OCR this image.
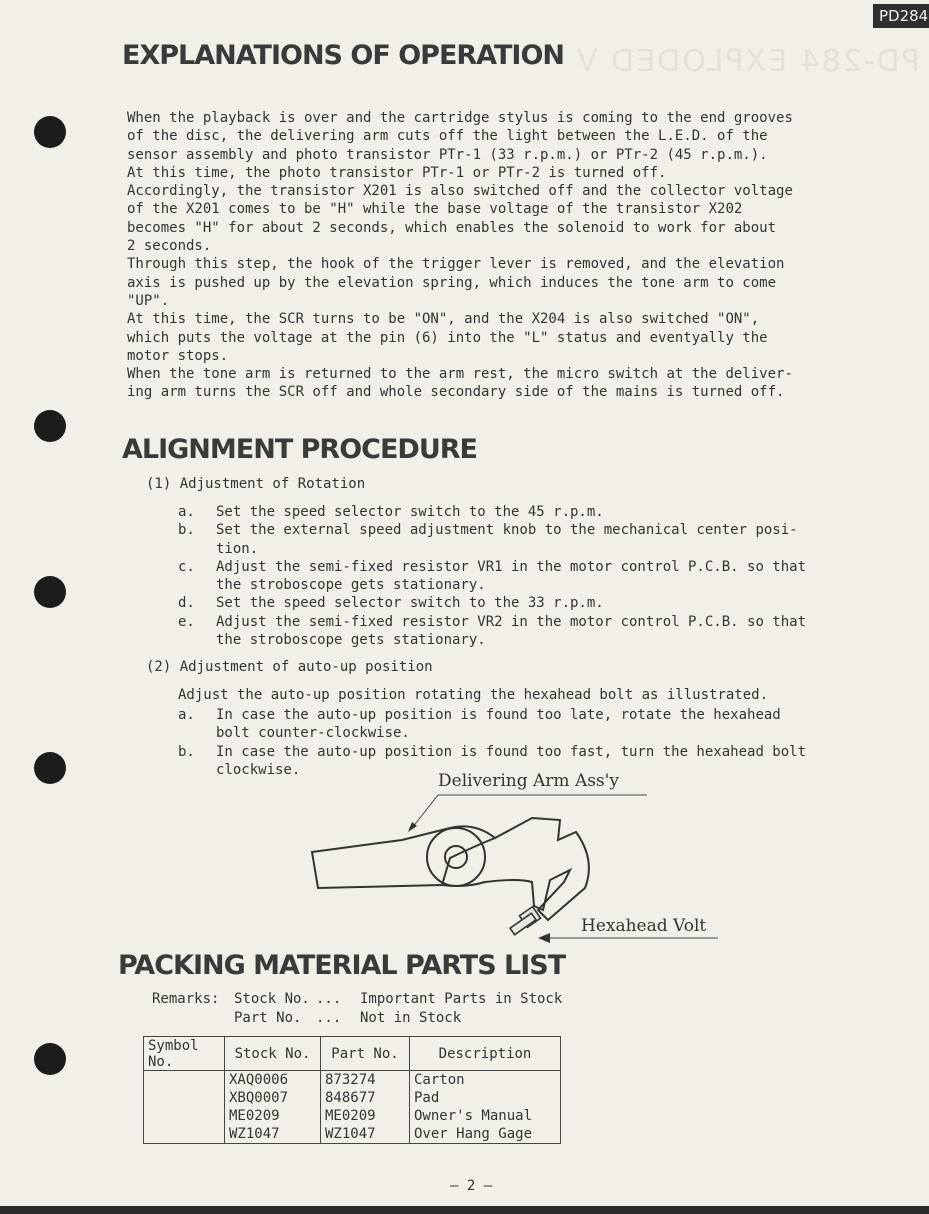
PD284
PD-284 EXPLODED V
EXPLANATIONS OF OPERATION

When the playback is over and the cartridge stylus is coming to the end grooves
of the disc, the delivering arm cuts off the light between the L.E.D. of the
sensor assembly and photo transistor PTr-1 (33 r.p.m.) or PTr-2 (45 r.p.m.).
At this time, the photo transistor PTr-1 or PTr-2 is turned off.
Accordingly, the transistor X201 is also switched off and the collector voltage
of the X201 comes to be "H" while the base voltage of the transistor X202
becomes "H" for about 2 seconds, which enables the solenoid to work for about
2 seconds.

Through this step, the hook of the trigger lever is removed, and the elevation
axis is pushed up by the elevation spring, which induces the tone arm to come
"UP".

At this time, the SCR turns to be "ON", and the X204 is also switched "ON",
which puts the voltage at the pin (6) into the "L" status and eventyally the
motor stops.

When the tone arm is returned to the arm rest, the micro switch at the deliver-
ing arm turns the SCR off and whole secondary side of the mains is turned off.

ALIGNMENT PROCEDURE
(1) Adjustment of Rotation
a.	Set the speed selector switch to the 45 r.p.m.
b.	Set the external speed adjustment knob to the mechanical center posi-
tion.
c.	Adjust the semi-fixed resistor VR1 in the motor control P.C.B. so that
the stroboscope gets stationary.
d.	Set the speed selector switch to the 33 r.p.m.
e.	Adjust the semi-fixed resistor VR2 in the motor control P.C.B. so that
the stroboscope gets stationary.
(2) Adjustment of auto-up position
Adjust the auto-up position rotating the hexahead bolt as illustrated.
a.	In case the auto-up position is found too late, rotate the hexahead
bolt counter-clockwise.
b.	In case the auto-up position is found too fast, turn the hexahead bolt
clockwise.
Delivering Arm Ass'y
Hexahead Volt
PACKING MATERIAL PARTS LIST
Remarks:	Stock No. ...	Important Parts in Stock
Part No.	...	Not in Stock
Symbol
No.	Stock No.	Part No.	Description
	XAQ0006	873274	Carton
	XBQ0007	848677	Pad
	ME0209	ME0209	Owner's Manual
	WZ1047	WZ1047	Over Hang Gage
— 2 —
